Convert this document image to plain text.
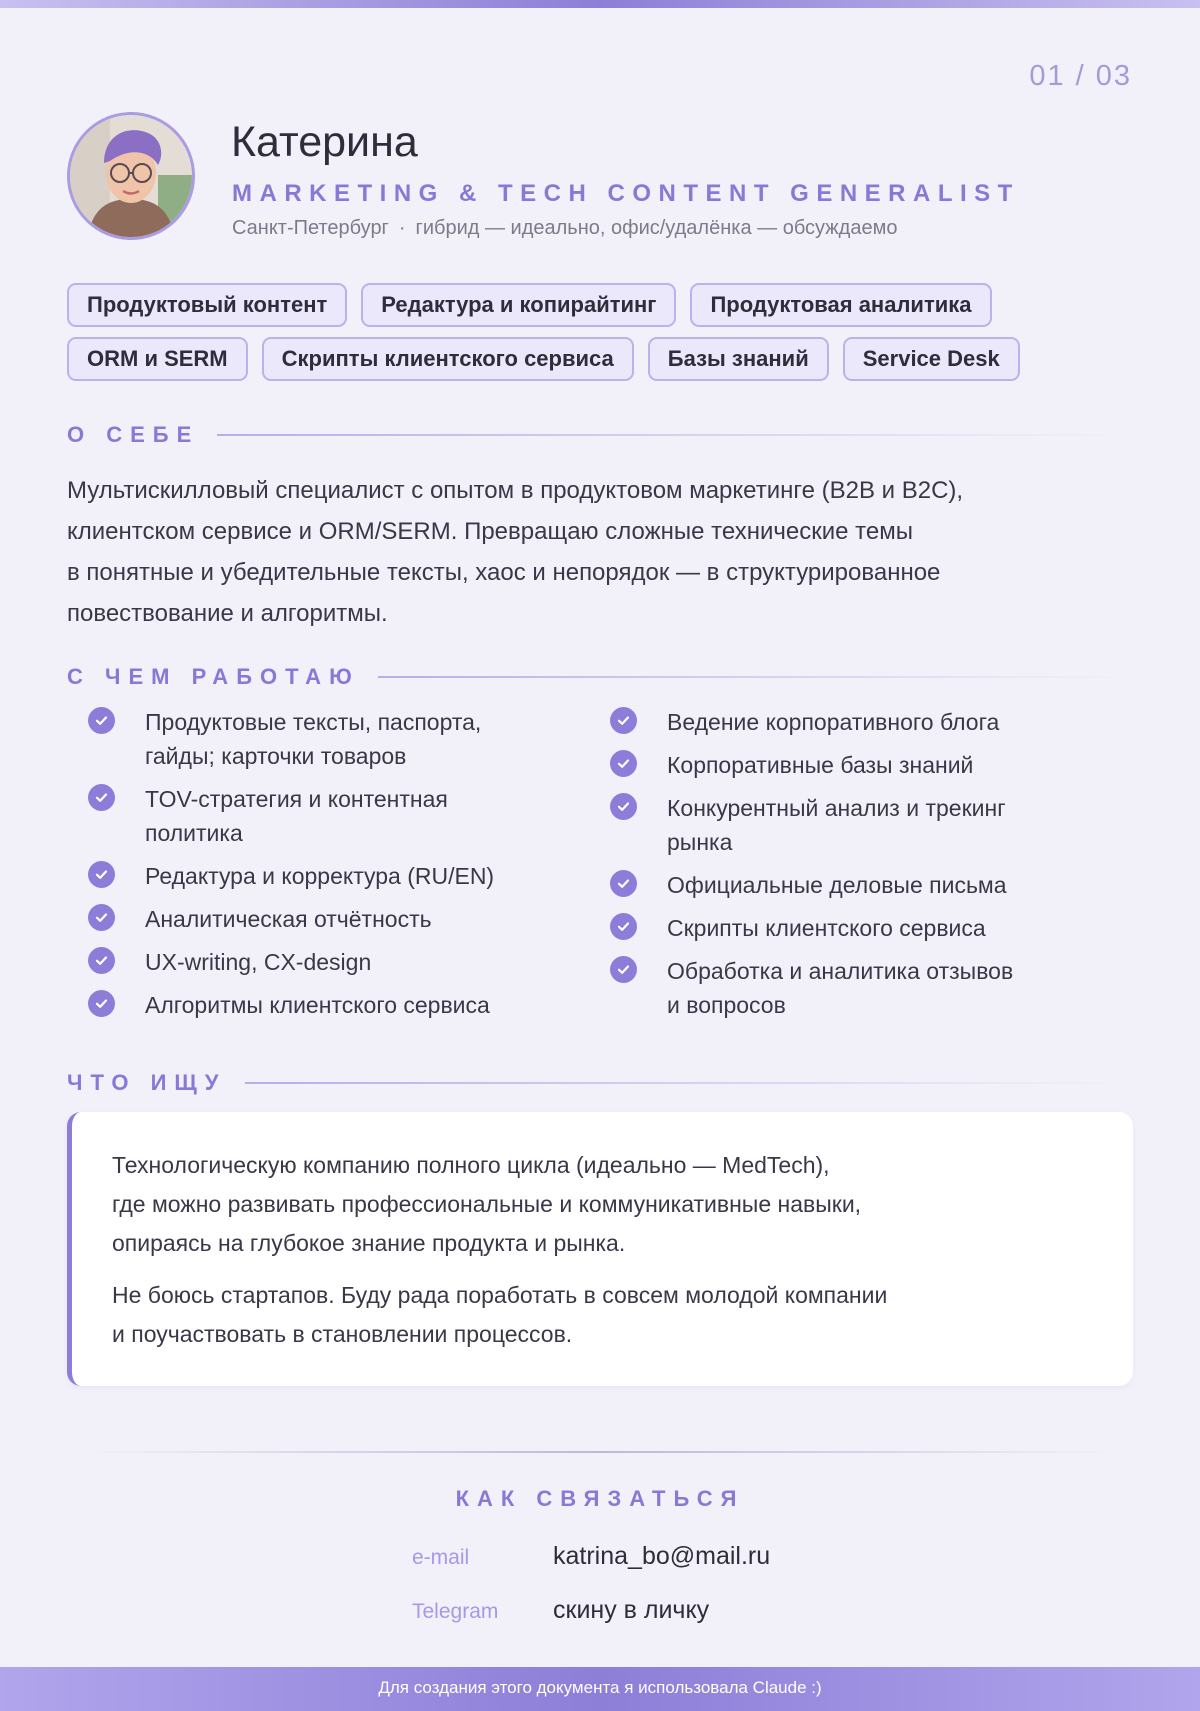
01 / 03
Катерина
MARKETING & TECH CONTENT GENERALIST
Санкт-Петербург · гибрид — идеально, офис/удалёнка — обсуждаемо
Продуктовый контент	Редактура и копирайтинг	Продуктовая аналитика
ORM и SERM	Скрипты клиентского сервиса	Базы знаний	Service Desk
О СЕБЕ

Мультискилловый специалист с опытом в продуктовом маркетинге (B2B и B2C),

клиентском сервисе и ORM/SERM. Превращаю сложные технические темы

в понятные и убедительные тексты, хаос и непорядок — в структурированное

повествование и алгоритмы.

С ЧЕМ РАБОТАЮ
Продуктовые тексты, паспорта,
гайды; карточки товаров
TOV-стратегия и контентная
политика
Редактура и корректура (RU/EN)
Аналитическая отчётность
UX-writing, CX-design
Алгоритмы клиентского сервиса
Ведение корпоративного блога
Корпоративные базы знаний
Конкурентный анализ и трекинг
рынка
Официальные деловые письма
Скрипты клиентского сервиса
Обработка и аналитика отзывов
и вопросов
ЧТО ИЩУ

Технологическую компанию полного цикла (идеально — MedTech),
где можно развивать профессиональные и коммуникативные навыки,
опираясь на глубокое знание продукта и рынка.

Не боюсь стартапов. Буду рада поработать в совсем молодой компании
и поучаствовать в становлении процессов.

КАК СВЯЗАТЬСЯ
e-mail	katrina_bo@mail.ru
Telegram	скину в личку
Для создания этого документа я использовала Claude :)
